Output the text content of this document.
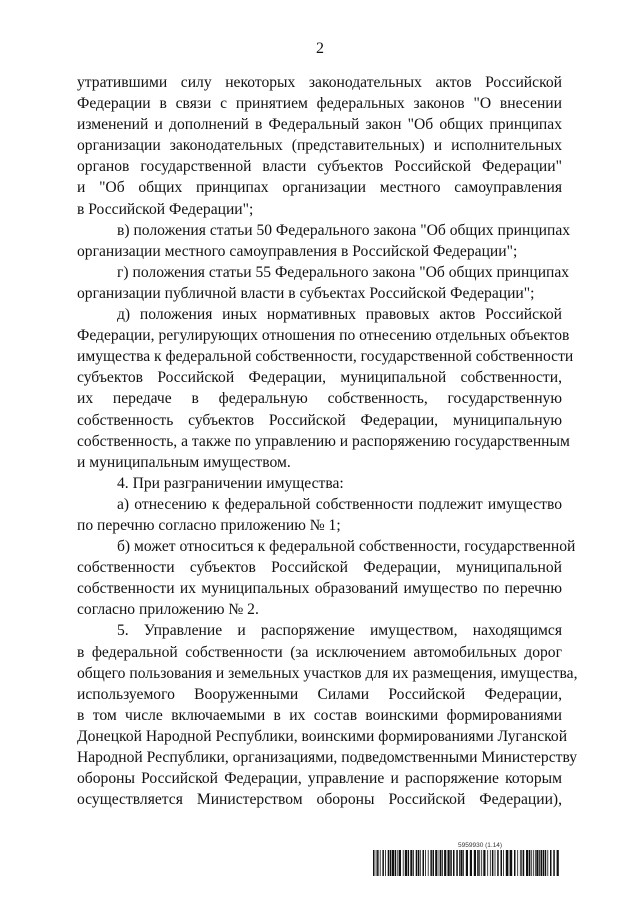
2
утратившими силу некоторых законодательных актов Российской
Федерации в связи с принятием федеральных законов "О внесении
изменений и дополнений в Федеральный закон "Об общих принципах
организации законодательных (представительных) и исполнительных
органов государственной власти субъектов Российской Федерации"
и "Об общих принципах организации местного самоуправления
в Российской Федерации";
в) положения статьи 50 Федерального закона "Об общих принципах
организации местного самоуправления в Российской Федерации";
г) положения статьи 55 Федерального закона "Об общих принципах
организации публичной власти в субъектах Российской Федерации";
д) положения иных нормативных правовых актов Российской
Федерации, регулирующих отношения по отнесению отдельных объектов
имущества к федеральной собственности, государственной собственности
субъектов Российской Федерации, муниципальной собственности,
их передаче в федеральную собственность, государственную
собственность субъектов Российской Федерации, муниципальную
собственность, а также по управлению и распоряжению государственным
и муниципальным имуществом.
4. При разграничении имущества:
а) отнесению к федеральной собственности подлежит имущество
по перечню согласно приложению № 1;
б) может относиться к федеральной собственности, государственной
собственности субъектов Российской Федерации, муниципальной
собственности их муниципальных образований имущество по перечню
согласно приложению № 2.
5. Управление и распоряжение имуществом, находящимся
в федеральной собственности (за исключением автомобильных дорог
общего пользования и земельных участков для их размещения, имущества,
используемого Вооруженными Силами Российской Федерации,
в том числе включаемыми в их состав воинскими формированиями
Донецкой Народной Республики, воинскими формированиями Луганской
Народной Республики, организациями, подведомственными Министерству
обороны Российской Федерации, управление и распоряжение которым
осуществляется Министерством обороны Российской Федерации),
5959930 (1.14)
